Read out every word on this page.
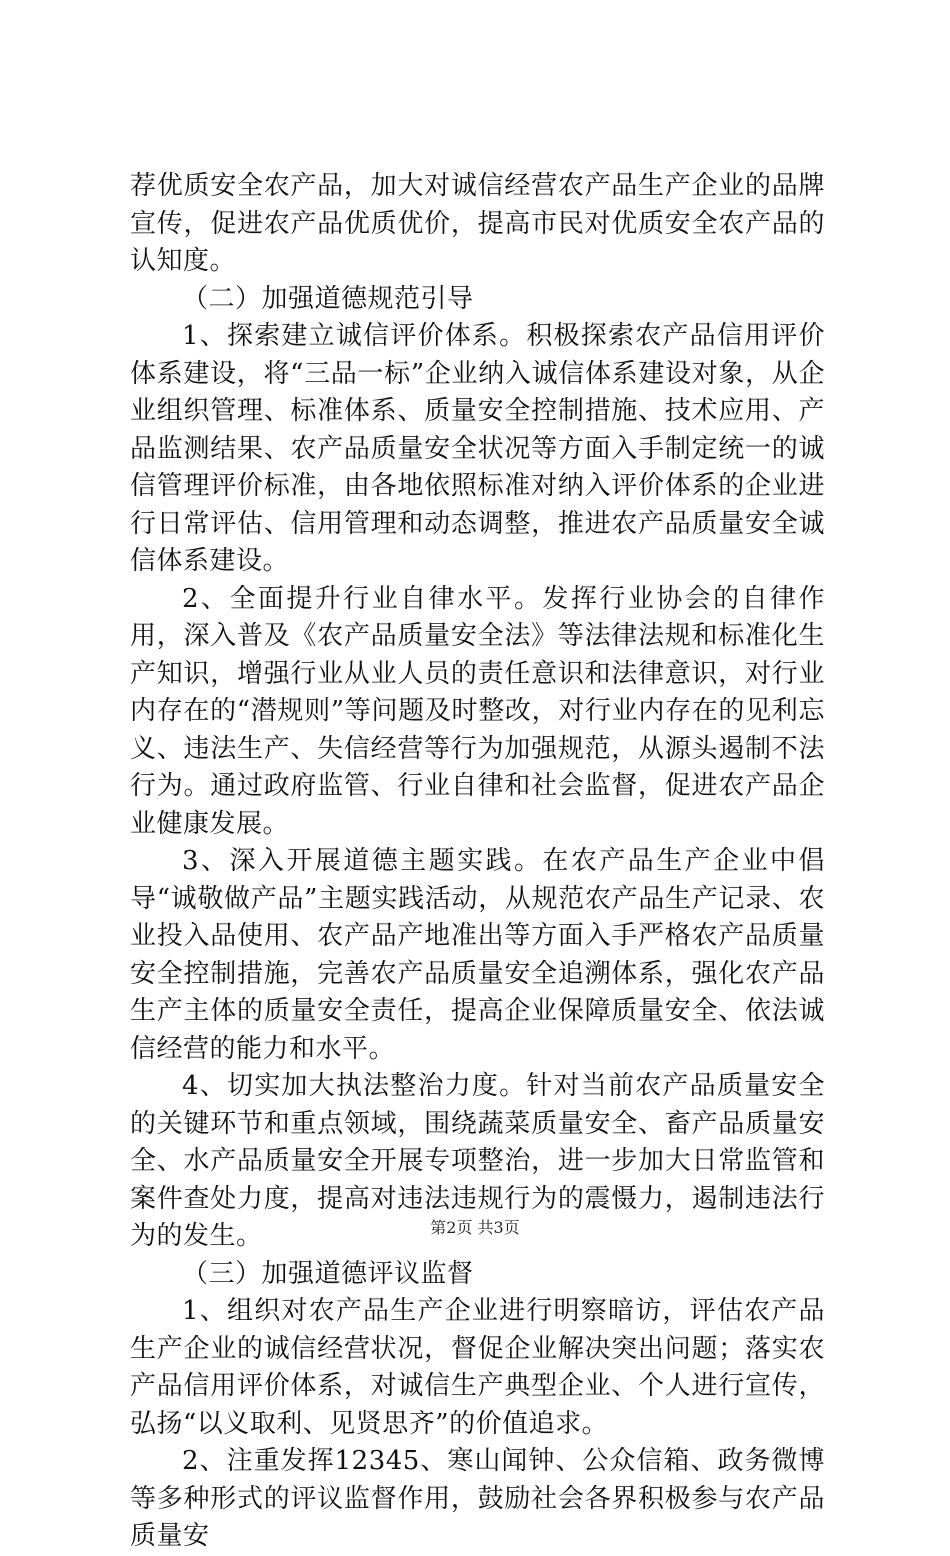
荐优质安全农产品，加大对诚信经营农产品生产企业的品牌宣传，促进农产品优质优价，提高市民对优质安全农产品的认知度。

（二）加强道德规范引导

1、探索建立诚信评价体系。积极探索农产品信用评价体系建设，将“三品一标”企业纳入诚信体系建设对象，从企业组织管理、标准体系、质量安全控制措施、技术应用、产品监测结果、农产品质量安全状况等方面入手制定统一的诚信管理评价标准，由各地依照标准对纳入评价体系的企业进行日常评估、信用管理和动态调整，推进农产品质量安全诚信体系建设。

2、全面提升行业自律水平。发挥行业协会的自律作用，深入普及《农产品质量安全法》等法律法规和标准化生产知识，增强行业从业人员的责任意识和法律意识，对行业内存在的“潜规则”等问题及时整改，对行业内存在的见利忘义、违法生产、失信经营等行为加强规范，从源头遏制不法行为。通过政府监管、行业自律和社会监督，促进农产品企业健康发展。

3、深入开展道德主题实践。在农产品生产企业中倡导“诚敬做产品”主题实践活动，从规范农产品生产记录、农业投入品使用、农产品产地准出等方面入手严格农产品质量安全控制措施，完善农产品质量安全追溯体系，强化农产品生产主体的质量安全责任，提高企业保障质量安全、依法诚信经营的能力和水平。

4、切实加大执法整治力度。针对当前农产品质量安全的关键环节和重点领域，围绕蔬菜质量安全、畜产品质量安全、水产品质量安全开展专项整治，进一步加大日常监管和案件查处力度，提高对违法违规行为的震慑力，遏制违法行为的发生。

（三）加强道德评议监督

1、组织对农产品生产企业进行明察暗访，评估农产品生产企业的诚信经营状况，督促企业解决突出问题；落实农产品信用评价体系，对诚信生产典型企业、个人进行宣传，弘扬“以义取利、见贤思齐”的价值追求。

2、注重发挥12345、寒山闻钟、公众信箱、政务微博等多种形式的评议监督作用，鼓励社会各界积极参与农产品质量安

第2页 共3页
